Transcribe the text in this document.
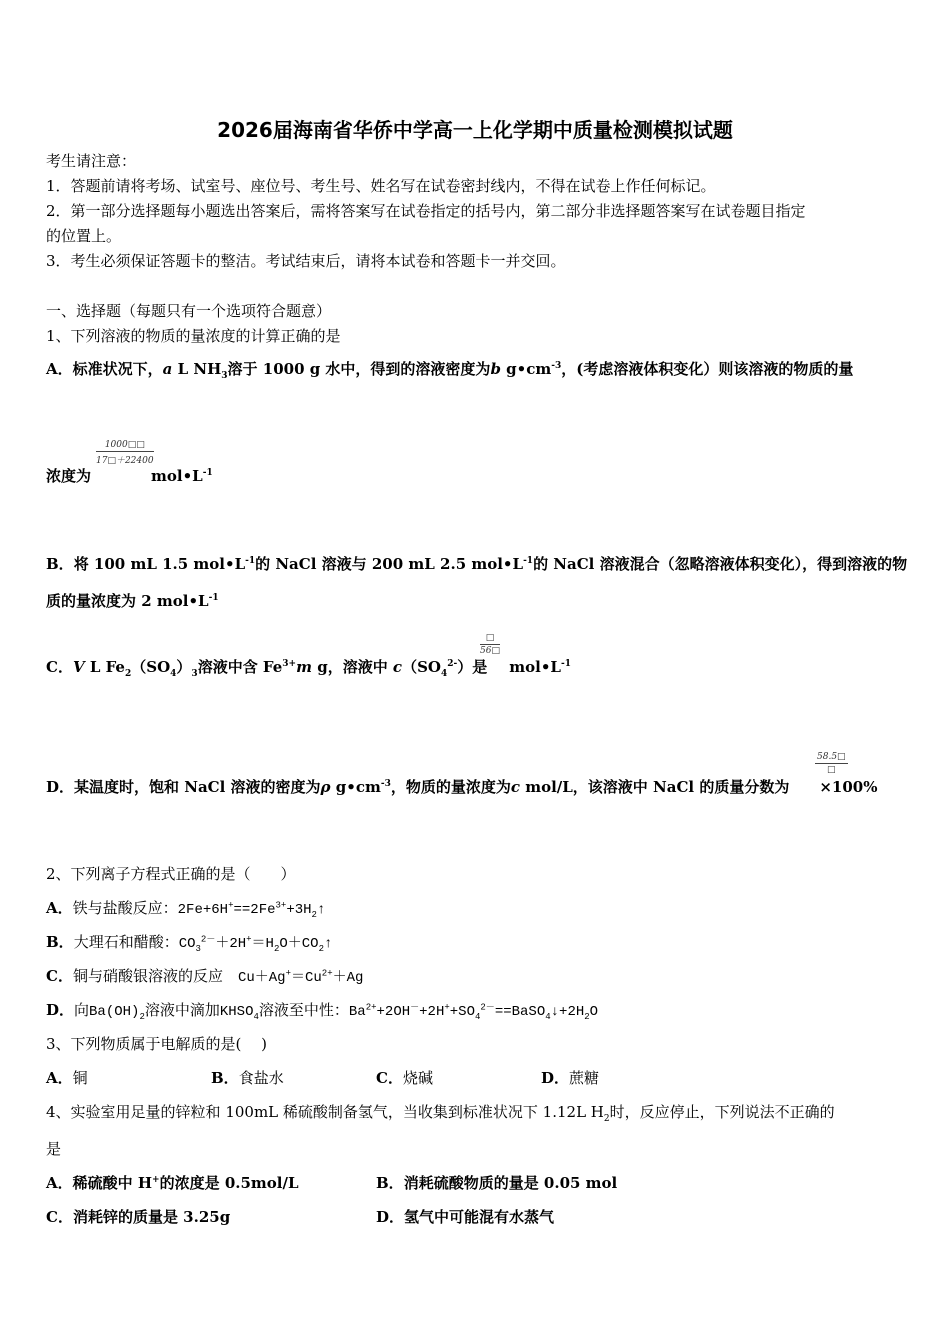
2026届海南省华侨中学高一上化学期中质量检测模拟试题
考生请注意：
1．答题前请将考场、试室号、座位号、考生号、姓名写在试卷密封线内，不得在试卷上作任何标记。
2．第一部分选择题每小题选出答案后，需将答案写在试卷指定的括号内，第二部分非选择题答案写在试卷题目指定
的位置上。
3．考生必须保证答题卡的整洁。考试结束后，请将本试卷和答题卡一并交回。
一、选择题（每题只有一个选项符合题意）
1、下列溶液的物质的量浓度的计算正确的是
A．标准状况下，a L $NH_3$溶于 1000 g 水中，得到的溶液密度为b $g•cm^{-3}$，(考虑溶液体积变化）则该溶液的物质的量
$\frac{1000□□}{17□+22400}$
浓度为	$mol•L^{-1}$
B．将 100 mL 1.5 $mol•L^{-1}$的 NaCl 溶液与 200 mL 2.5 $mol•L^{-1}$的 NaCl 溶液混合（忽略溶液体积变化），得到溶液的物
质的量浓度为 2 $mol•L^{-1}$
□
56□
C．V L $Fe_2(SO_4)_3$溶液中含 $Fe^{3+}m$ g，溶液中 $c(SO_4^{2-})$是 $mol•L^{-1}$
58.5□
□
D．某温度时，饱和 NaCl 溶液的密度为ρ $g•cm^{-3}$，物质的量浓度为c mol/L，该溶液中 NaCl 的质量分数为 ×100%
2、下列离子方程式正确的是（　　）
A．铁与盐酸反应：$2Fe+6H^+==2Fe^{3+}+3H_2↑$
B．大理石和醋酸：$CO_3^{2-}+2H^+=H_2O+CO_2↑$
C．铜与硝酸银溶液的反应　$Cu+Ag^+=Cu^{2+}+Ag$
D．向$Ba(OH)_2$溶液中滴加$KHSO_4$溶液至中性：$Ba^{2+}+2OH^-+2H^++SO_4^{2-}==BaSO_4↓+2H_2O$
3、下列物质属于电解质的是(　 )
A．铜	B．食盐水	C．烧碱	D．蔗糖
4、实验室用足量的锌粒和 100mL 稀硫酸制备氢气，当收集到标准状况下 1.12L $H_2$时，反应停止，下列说法不正确的
是
A．稀硫酸中 H+的浓度是 0.5mol/L	B．消耗硫酸物质的量是 0.05 mol
C．消耗锌的质量是 3.25g	D．氢气中可能混有水蒸气
